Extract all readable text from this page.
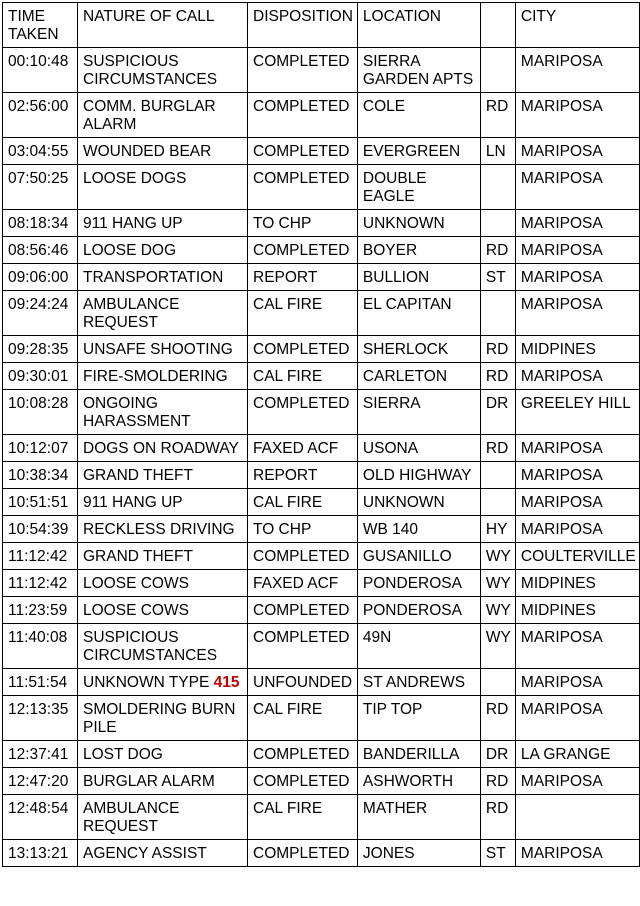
TIME TAKEN	NATURE OF CALL	DISPOSITION	LOCATION		CITY
00:10:48	SUSPICIOUS CIRCUMSTANCES	COMPLETED	SIERRA GARDEN APTS		MARIPOSA
02:56:00	COMM. BURGLAR ALARM	COMPLETED	COLE	RD	MARIPOSA
03:04:55	WOUNDED BEAR	COMPLETED	EVERGREEN	LN	MARIPOSA
07:50:25	LOOSE DOGS	COMPLETED	DOUBLE EAGLE		MARIPOSA
08:18:34	911 HANG UP	TO CHP	UNKNOWN		MARIPOSA
08:56:46	LOOSE DOG	COMPLETED	BOYER	RD	MARIPOSA
09:06:00	TRANSPORTATION	REPORT	BULLION	ST	MARIPOSA
09:24:24	AMBULANCE REQUEST	CAL FIRE	EL CAPITAN		MARIPOSA
09:28:35	UNSAFE SHOOTING	COMPLETED	SHERLOCK	RD	MIDPINES
09:30:01	FIRE-SMOLDERING	CAL FIRE	CARLETON	RD	MARIPOSA
10:08:28	ONGOING HARASSMENT	COMPLETED	SIERRA	DR	GREELEY HILL
10:12:07	DOGS ON ROADWAY	FAXED ACF	USONA	RD	MARIPOSA
10:38:34	GRAND THEFT	REPORT	OLD HIGHWAY		MARIPOSA
10:51:51	911 HANG UP	CAL FIRE	UNKNOWN		MARIPOSA
10:54:39	RECKLESS DRIVING	TO CHP	WB 140	HY	MARIPOSA
11:12:42	GRAND THEFT	COMPLETED	GUSANILLO	WY	COULTERVILLE
11:12:42	LOOSE COWS	FAXED ACF	PONDEROSA	WY	MIDPINES
11:23:59	LOOSE COWS	COMPLETED	PONDEROSA	WY	MIDPINES
11:40:08	SUSPICIOUS CIRCUMSTANCES	COMPLETED	49N	WY	MARIPOSA
11:51:54	UNKNOWN TYPE 415	UNFOUNDED	ST ANDREWS		MARIPOSA
12:13:35	SMOLDERING BURN PILE	CAL FIRE	TIP TOP	RD	MARIPOSA
12:37:41	LOST DOG	COMPLETED	BANDERILLA	DR	LA GRANGE
12:47:20	BURGLAR ALARM	COMPLETED	ASHWORTH	RD	MARIPOSA
12:48:54	AMBULANCE REQUEST	CAL FIRE	MATHER	RD	
13:13:21	AGENCY ASSIST	COMPLETED	JONES	ST	MARIPOSA
